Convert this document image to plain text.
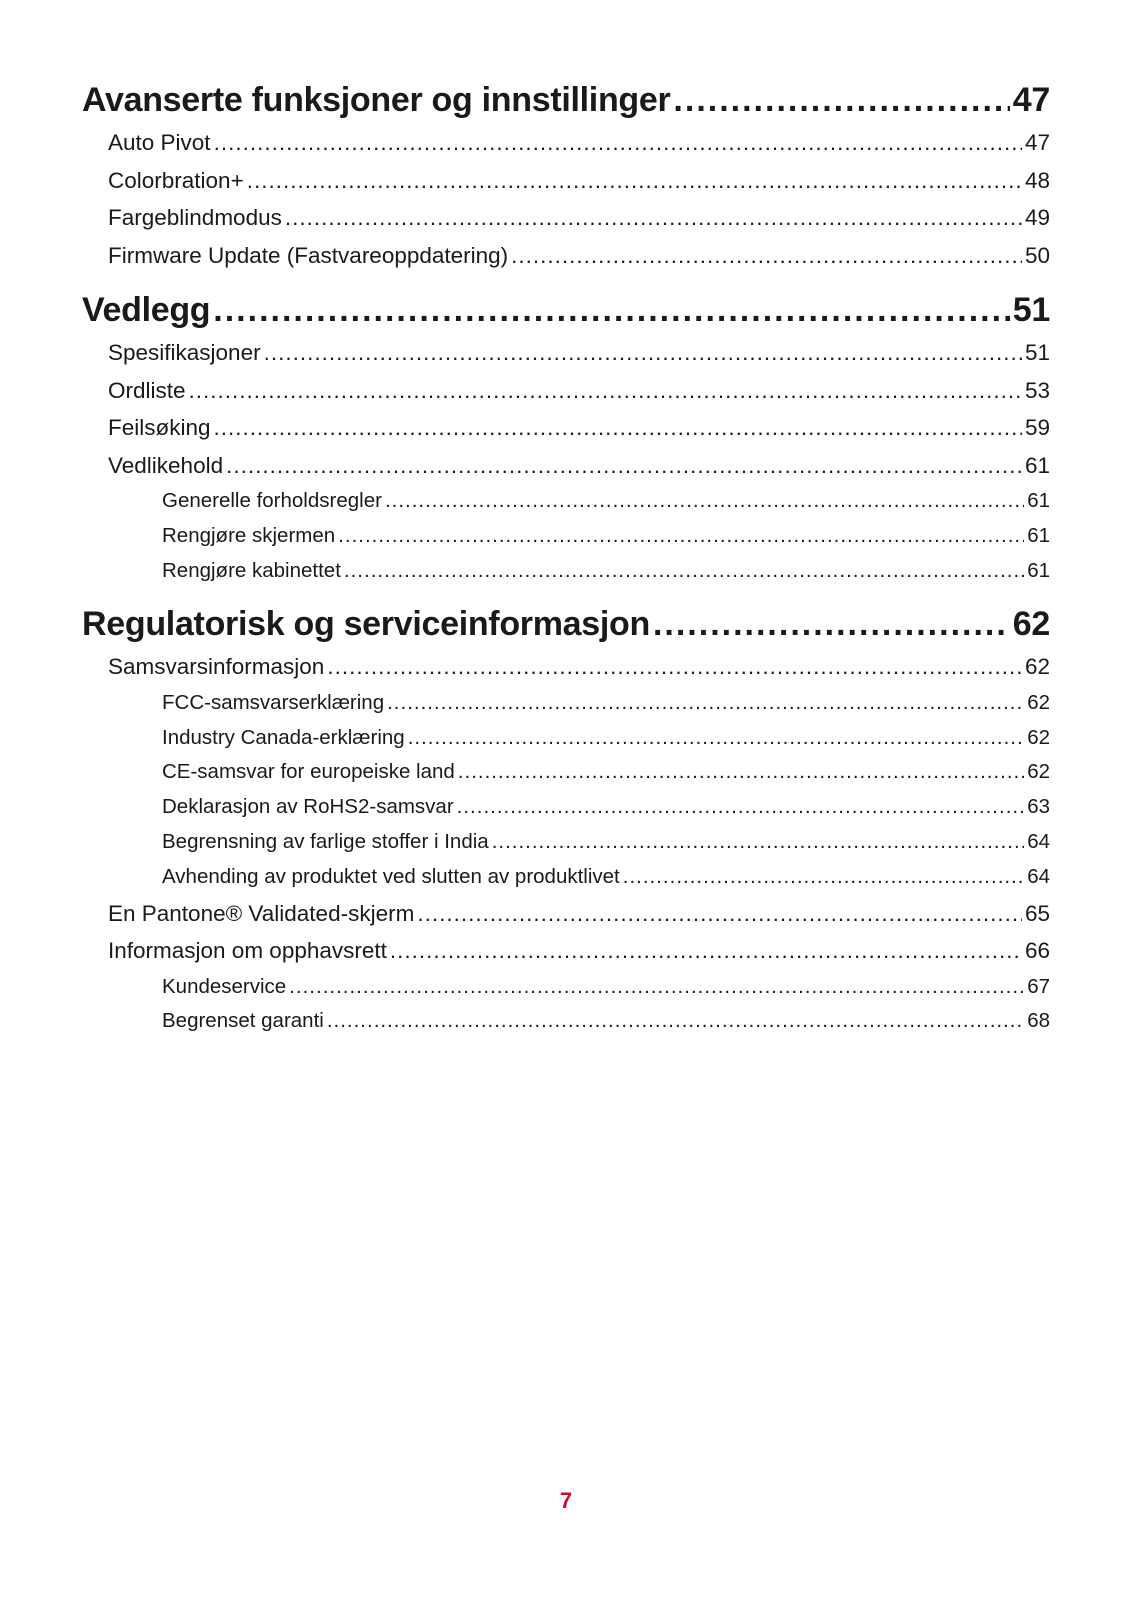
Avanserte funksjoner og innstillinger .....	47
Auto Pivot .....	47
Colorbration+ .....	48
Fargeblindmodus .....	49
Firmware Update (Fastvareoppdatering) .....	50
Vedlegg .....	51
Spesifikasjoner .....	51
Ordliste .....	53
Feilsøking .....	59
Vedlikehold .....	61
Generelle forholdsregler .....	61
Rengjøre skjermen .....	61
Rengjøre kabinettet .....	61
Regulatorisk og serviceinformasjon .....	62
Samsvarsinformasjon .....	62
FCC-samsvarserklæring .....	62
Industry Canada-erklæring .....	62
CE-samsvar for europeiske land .....	62
Deklarasjon av RoHS2-samsvar .....	63
Begrensning av farlige stoffer i India .....	64
Avhending av produktet ved slutten av produktlivet .....	64
En Pantone® Validated-skjerm .....	65
Informasjon om opphavsrett .....	66
Kundeservice .....	67
Begrenset garanti .....	68
7
